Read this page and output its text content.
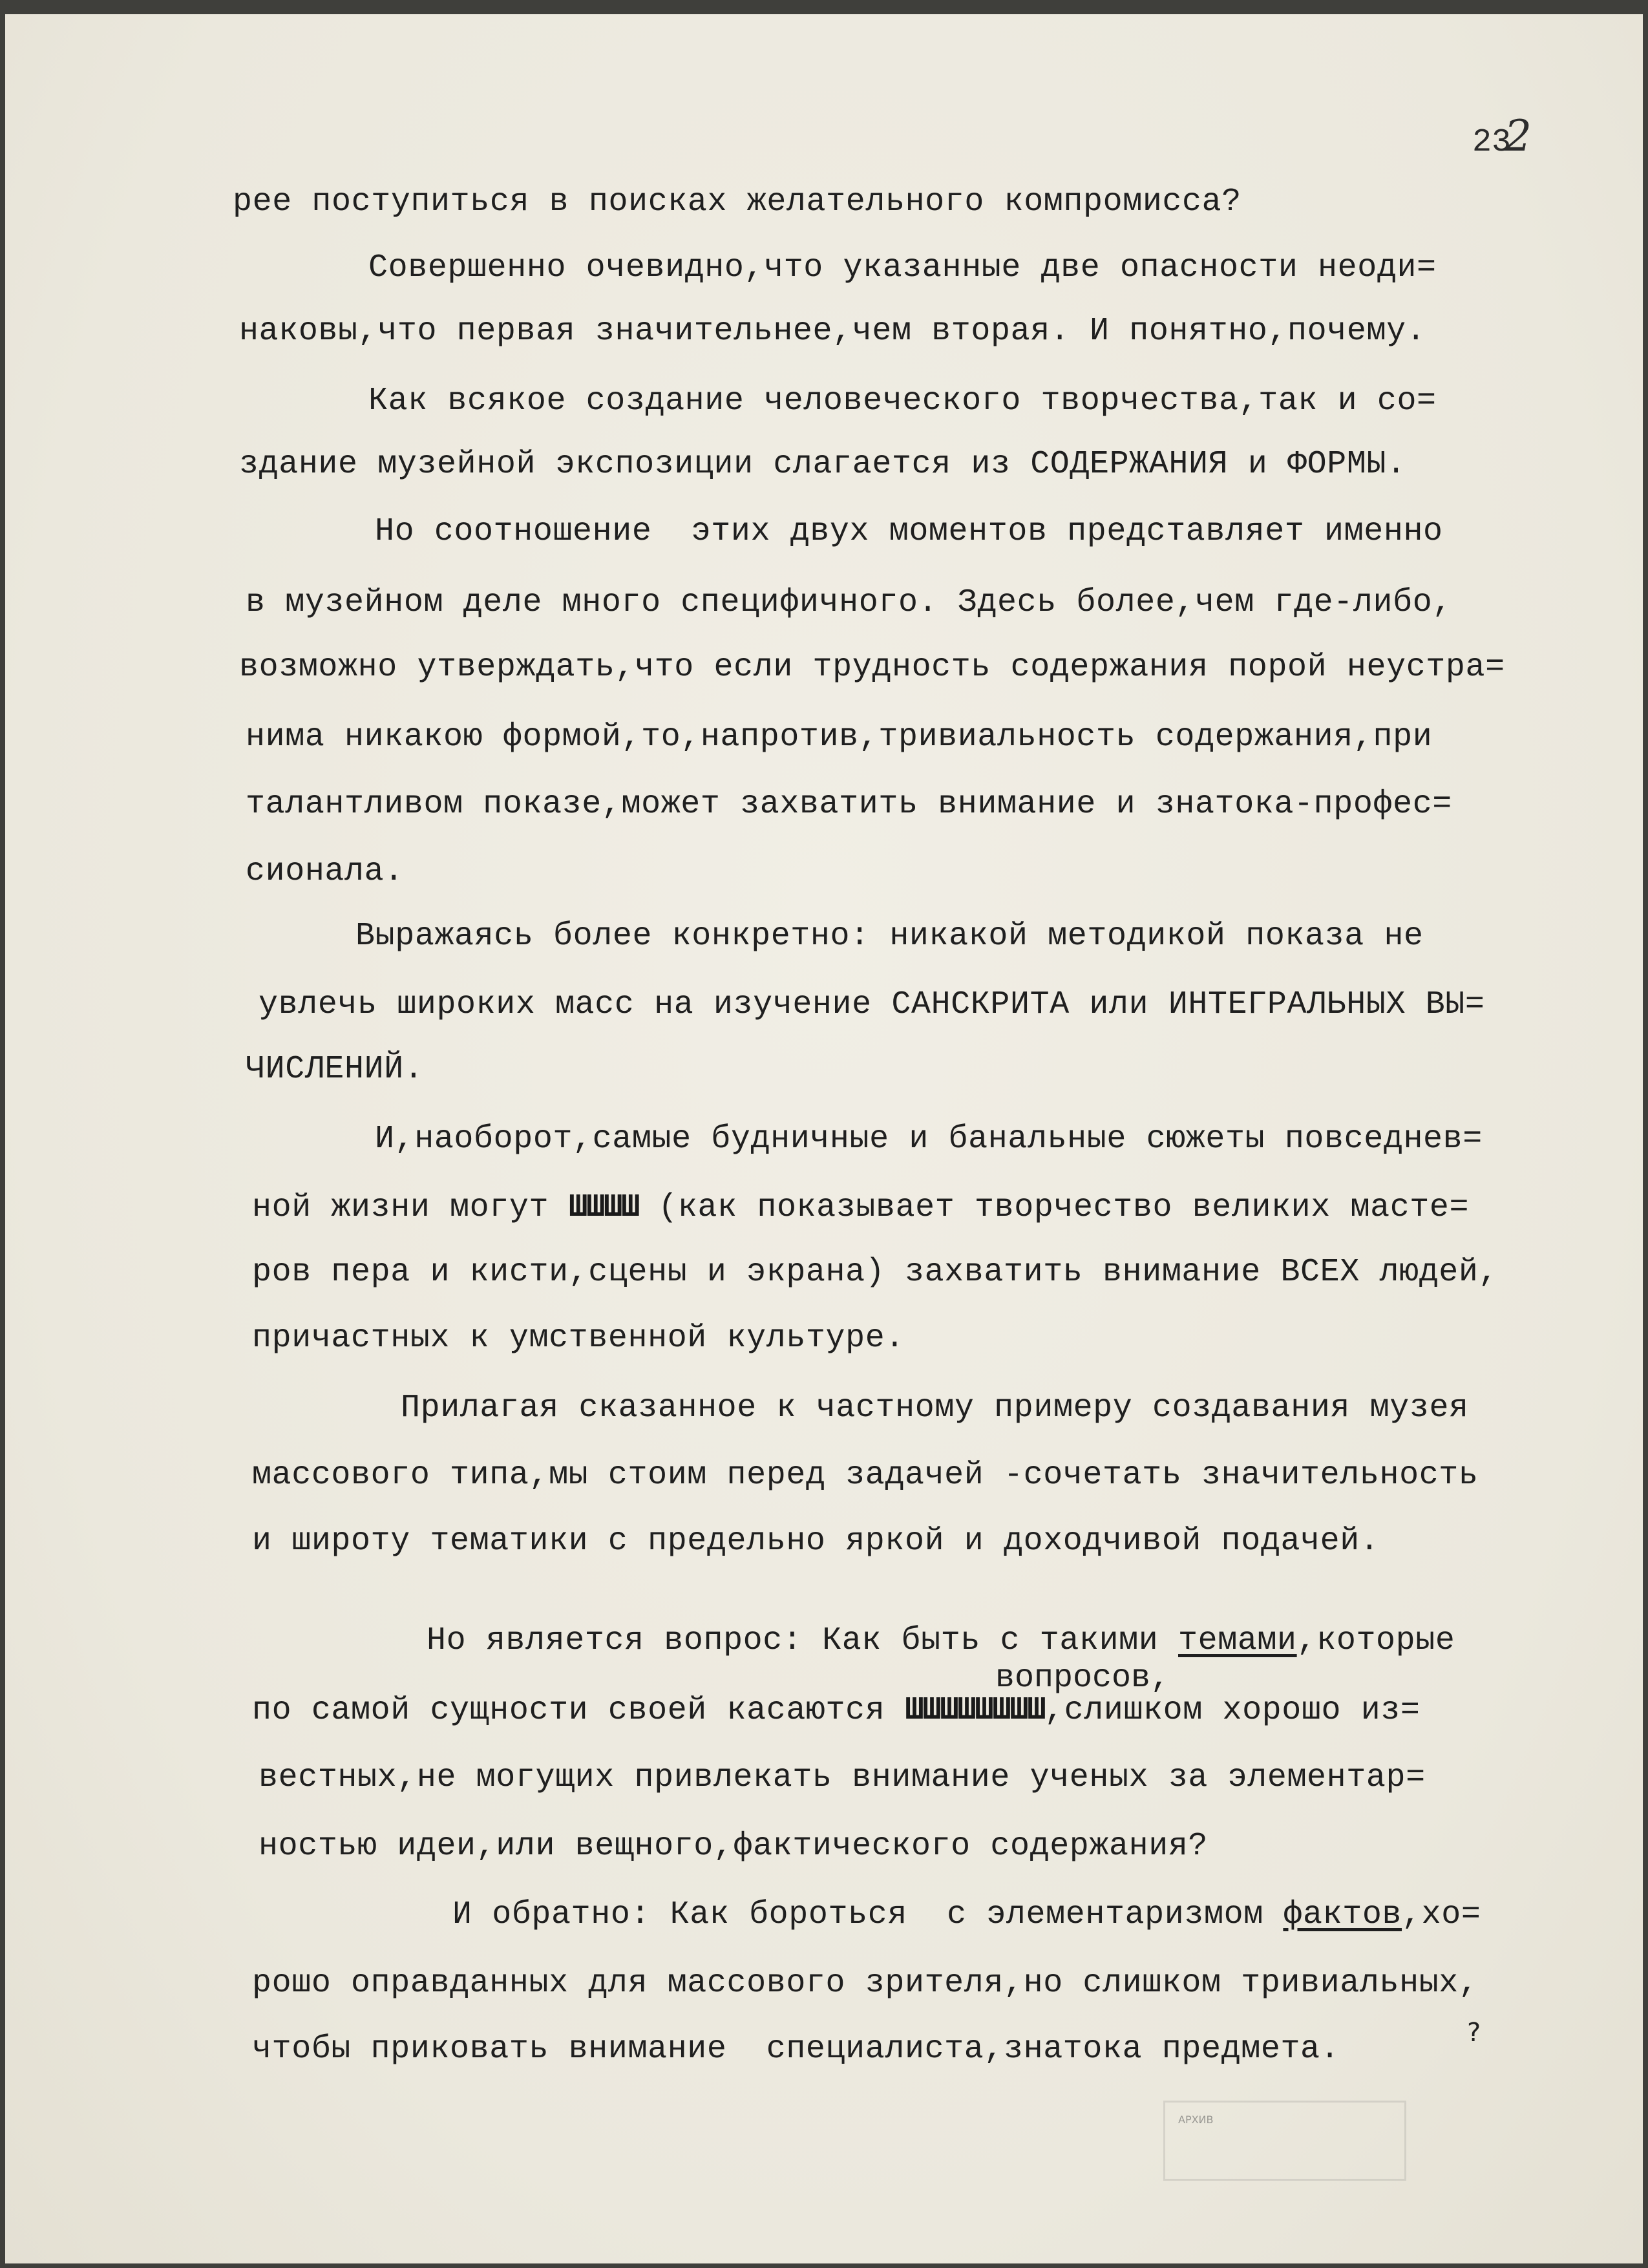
232
рее поступиться в поисках желательного компромисса?
Совершенно очевидно,что указанные две опасности неоди=
наковы,что первая значительнее,чем вторая. И понятно,почему.
Как всякое создание человеческого творчества,так и со=
здание музейной экспозиции слагается из СОДЕРЖАНИЯ и ФОРМЫ.
Но соотношение  этих двух моментов представляет именно
в музейном деле много специфичного. Здесь более,чем где-либо,
возможно утверждать,что если трудность содержания порой неустра=
нима никакою формой,то,напротив,тривиальность содержания,при
талантливом показе,может захватить внимание и знатока-профес=
сионала.
Выражаясь более конкретно: никакой методикой показа не
увлечь широких масс на изучение САНСКРИТА или ИНТЕГРАЛЬНЫХ ВЫ=
ЧИСЛЕНИЙ.
И,наоборот,самые будничные и банальные сюжеты повседнев=
ной жизни могут ШШШШ (как показывает творчество великих масте=
ров пера и кисти,сцены и экрана) захватить внимание ВСЕХ людей,
причастных к умственной культуре.
Прилагая сказанное к частному примеру создавания музея
массового типа,мы стоим перед задачей -сочетать значительность
и широту тематики с предельно яркой и доходчивой подачей.
Но является вопрос: Как быть с такими темами,которые
вопросов,
по самой сущности своей касаются ШШШШШШШШ,слишком хорошо из=
вестных,не могущих привлекать внимание ученых за элементар=
ностью идеи,или вещного,фактического содержания?
И обратно: Как бороться  с элементаризмом фактов,хо=
рошо оправданных для массового зрителя,но слишком тривиальных,
чтобы приковать внимание  специалиста,знатока предмета.	?
АРХИВ
